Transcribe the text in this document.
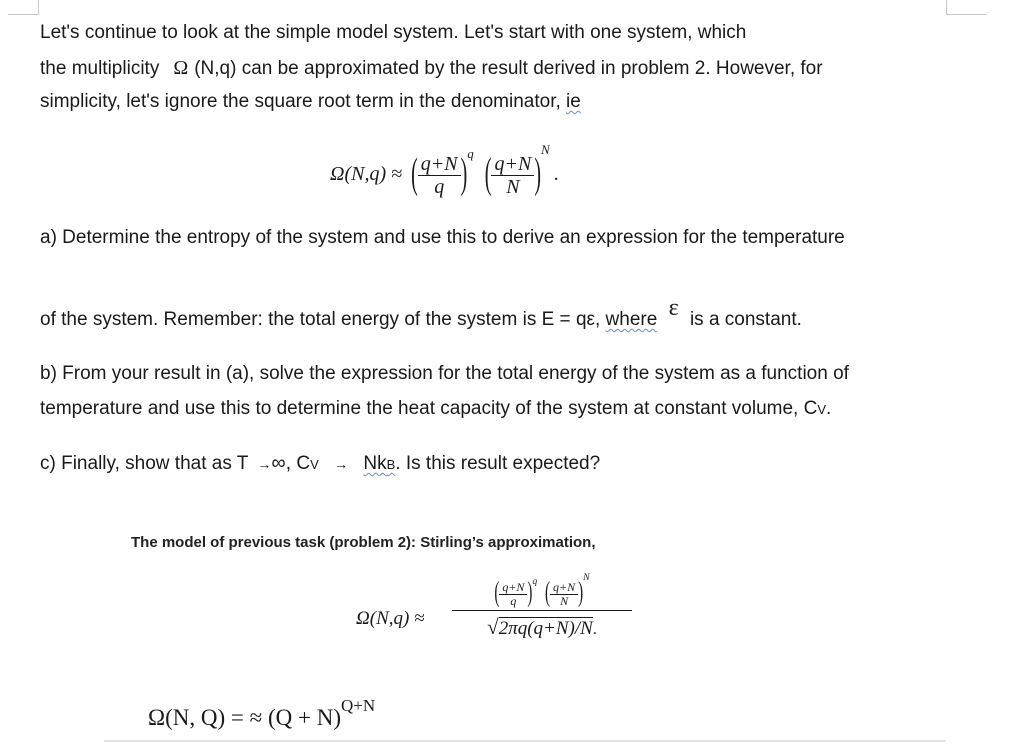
Let's continue to look at the simple model system. Let's start with one system, which
the multiplicity Ω (N,q) can be approximated by the result derived in problem 2. However, for
simplicity, let's ignore the square root term in the denominator, ie
Ω(N,q) ≈ ( $\frac{q+N}{q} )^q$ ( $\frac{q+N}{N} )^N$.
a) Determine the entropy of the system and use this to derive an expression for the temperature
of the system. Remember: the total energy of the system is E = qε, where ε is a constant.
b) From your result in (a), solve the expression for the total energy of the system as a function of
temperature and use this to determine the heat capacity of the system at constant volume, CV.
c) Finally, show that as T →∞, CV → NkB. Is this result expected?
The model of previous task (problem 2): Stirling’s approximation,
Ω(N,q) ≈
( $\frac{q+N}{q} )^q$ ( $\frac{q+N}{N} )^N$
√2πq(q+N)/N.
Ω(N, Q) = ≈ $(Q + N)^{Q+N}$
